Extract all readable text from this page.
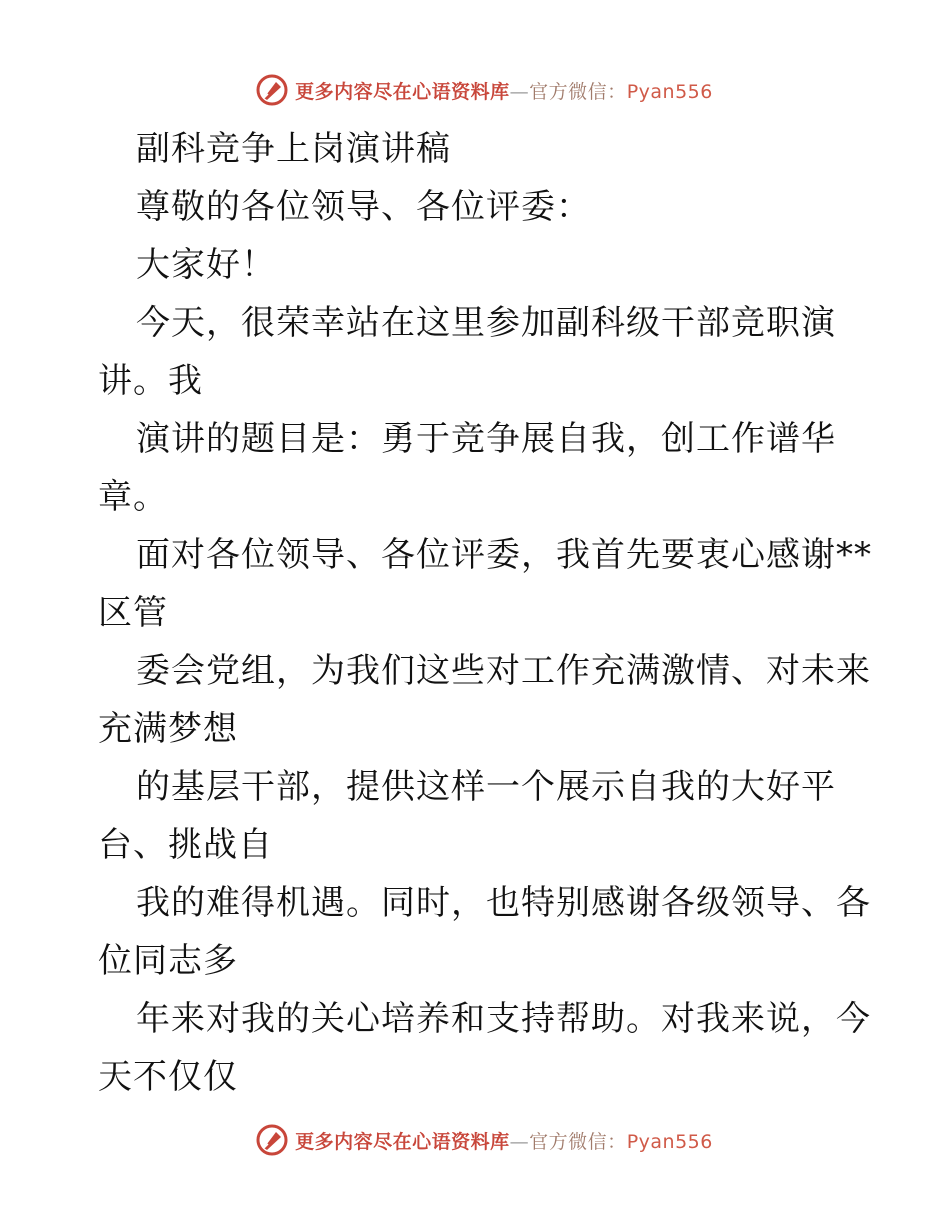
更多内容尽在心语资料库—官方微信：Pyan556
副科竞争上岗演讲稿
尊敬的各位领导、各位评委：
大家好！
今天，很荣幸站在这里参加副科级干部竞职演
讲。我
演讲的题目是：勇于竞争展自我，创工作谱华
章。
面对各位领导、各位评委，我首先要衷心感谢**
区管
委会党组，为我们这些对工作充满激情、对未来
充满梦想
的基层干部，提供这样一个展示自我的大好平
台、挑战自
我的难得机遇。同时，也特别感谢各级领导、各
位同志多
年来对我的关心培养和支持帮助。对我来说，今
天不仅仅
更多内容尽在心语资料库—官方微信：Pyan556
